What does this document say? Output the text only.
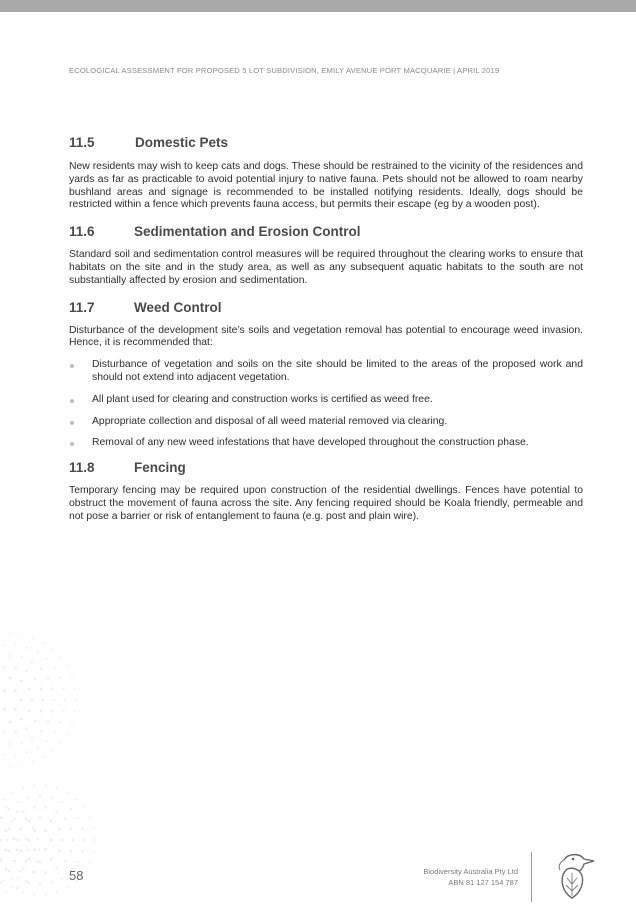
ECOLOGICAL ASSESSMENT FOR PROPOSED 5 LOT SUBDIVISION, EMILY AVENUE PORT MACQUARIE | APRIL 2019
11.5	Domestic Pets

New residents may wish to keep cats and dogs. These should be restrained to the vicinity of the residences and yards as far as practicable to avoid potential injury to native fauna. Pets should not be allowed to roam nearby bushland areas and signage is recommended to be installed notifying residents. Ideally, dogs should be restricted within a fence which prevents fauna access, but permits their escape (eg by a wooden post).

11.6	Sedimentation and Erosion Control

Standard soil and sedimentation control measures will be required throughout the clearing works to ensure that habitats on the site and in the study area, as well as any subsequent aquatic habitats to the south are not substantially affected by erosion and sedimentation.

11.7	Weed Control

Disturbance of the development site’s soils and vegetation removal has potential to encourage weed invasion. Hence, it is recommended that:

Disturbance of vegetation and soils on the site should be limited to the areas of the proposed work and should not extend into adjacent vegetation.
All plant used for clearing and construction works is certified as weed free.
Appropriate collection and disposal of all weed material removed via clearing.
Removal of any new weed infestations that have developed throughout the construction phase.
11.8	Fencing

Temporary fencing may be required upon construction of the residential dwellings. Fences have potential to obstruct the movement of fauna across the site. Any fencing required should be Koala friendly, permeable and not pose a barrier or risk of entanglement to fauna (e.g. post and plain wire).

58	Biodiversity Australia Pty Ltd
ABN 81 127 154 787
